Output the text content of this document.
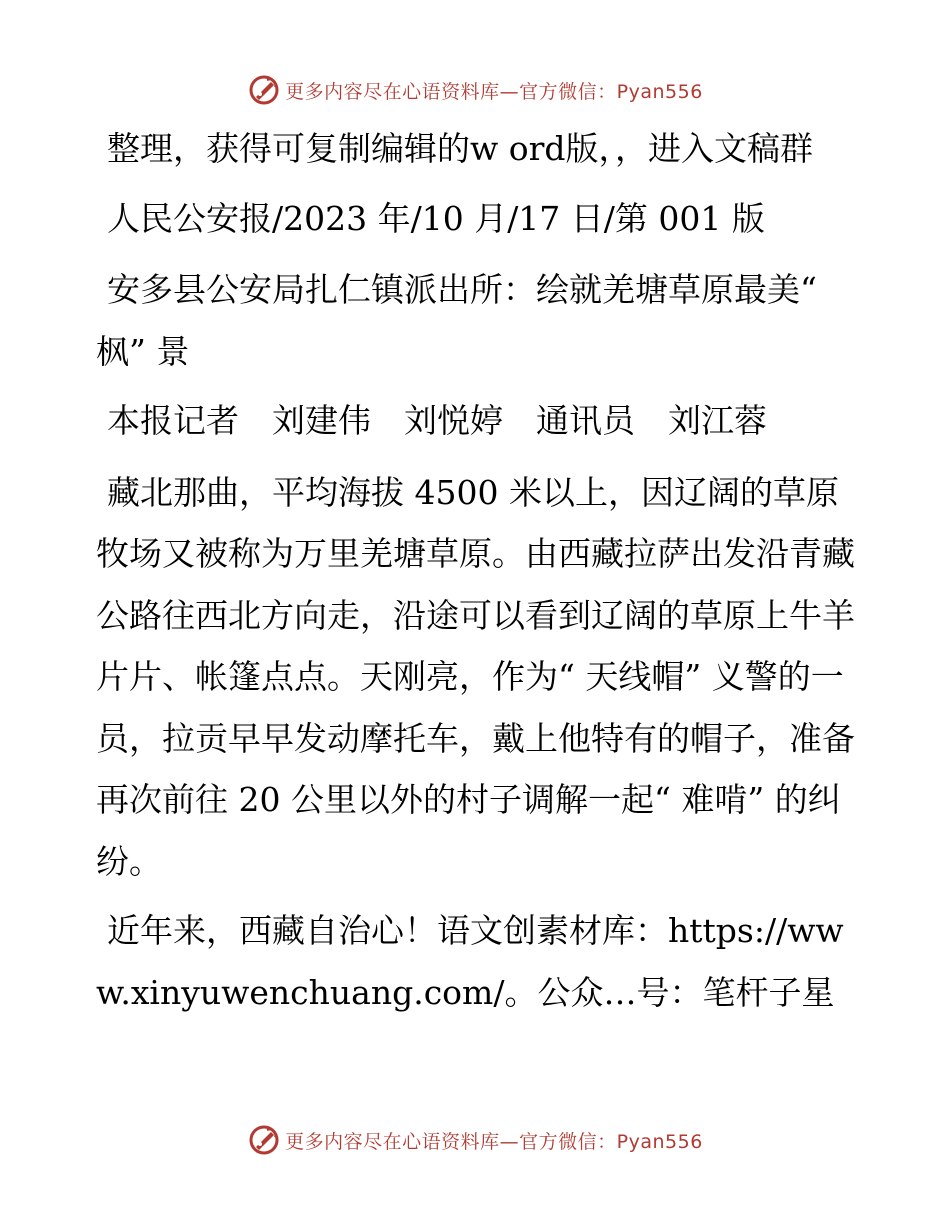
更多内容尽在心语资料库—官方微信：Pyan556

整理，获得可复制编辑的w ord版，，进入文稿群

人民公安报/2023 年/10 月/17 日/第 001 版

安多县公安局扎仁镇派出所：绘就羌塘草原最美“ 枫” 景

本报记者　刘建伟　刘悦婷　通讯员　刘江蓉

藏北那曲，平均海拔 4500 米以上，因辽阔的草原牧场又被称为万里羌塘草原。由西藏拉萨出发沿青藏公路往西北方向走，沿途可以看到辽阔的草原上牛羊片片、帐篷点点。天刚亮，作为“ 天线帽” 义警的一员，拉贡早早发动摩托车，戴上他特有的帽子，准备再次前往 20 公里以外的村子调解一起“ 难啃” 的纠纷。

近年来，西藏自治心！语文创素材库：https://www.xinyuwenchuang.com/。公众…号：笔杆子星

更多内容尽在心语资料库—官方微信：Pyan556
